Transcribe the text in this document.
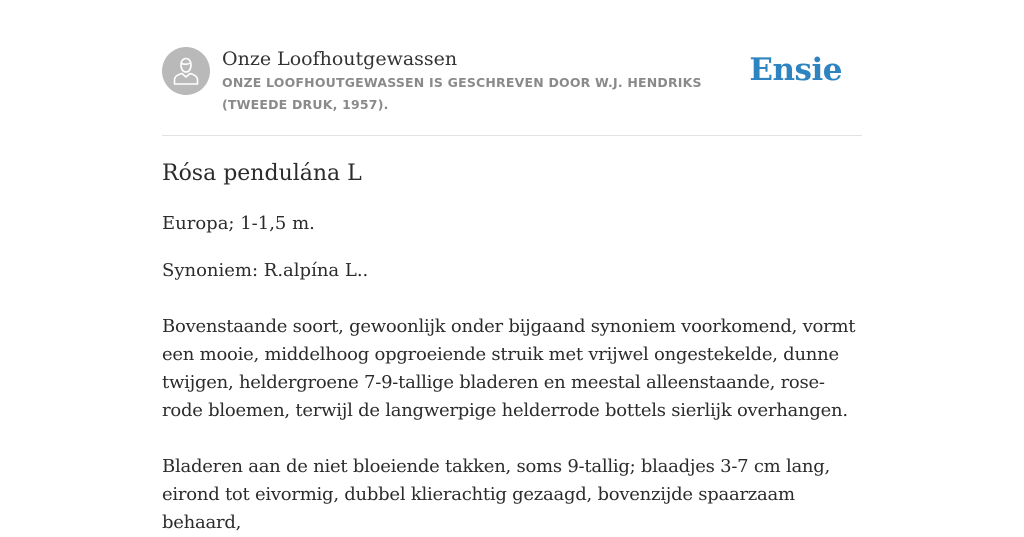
Onze Loofhoutgewassen
ONZE LOOFHOUTGEWASSEN IS GESCHREVEN DOOR W.J. HENDRIKS (TWEEDE DRUK, 1957).
Ensie
Rósa pendulána L

Europa; 1-1,5 m.

Synoniem: R.alpína L..

Bovenstaande soort, gewoonlijk onder bijgaand synoniem voorkomend, vormt een mooie, middelhoog opgroeiende struik met vrijwel ongestekelde, dunne twijgen, heldergroene 7-9-tallige bladeren en meestal alleenstaande, rose-rode bloemen, terwijl de langwerpige helderrode bottels sierlijk overhangen.

Bladeren aan de niet bloeiende takken, soms 9-tallig; blaadjes 3-7 cm lang, eirond tot eivormig, dubbel klierachtig gezaagd, bovenzijde spaarzaam behaard,
